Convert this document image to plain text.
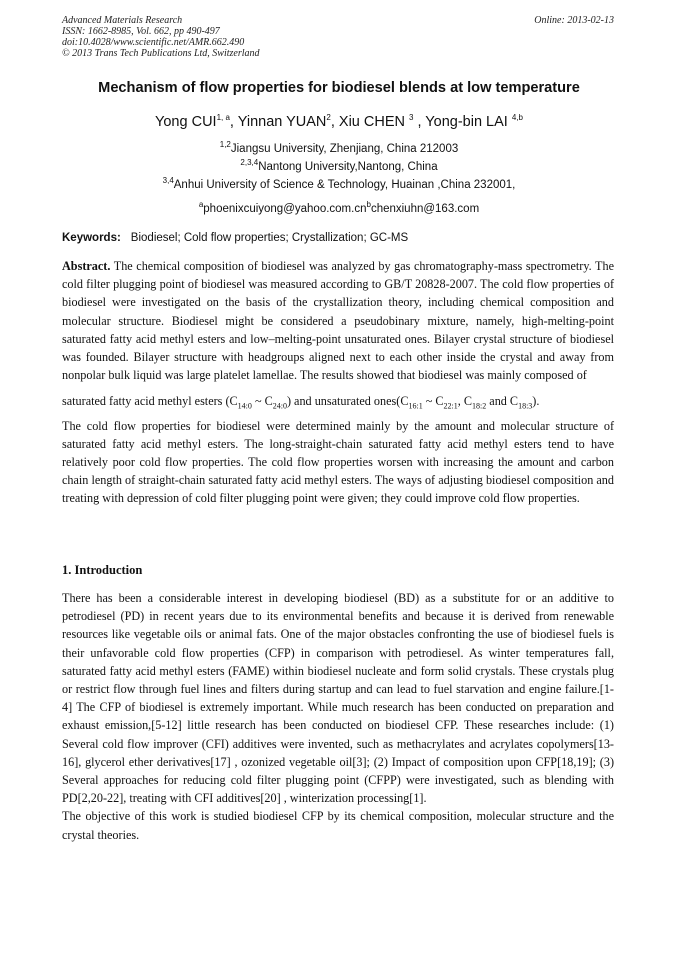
Advanced Materials Research
ISSN: 1662-8985, Vol. 662, pp 490-497
doi:10.4028/www.scientific.net/AMR.662.490
© 2013 Trans Tech Publications Ltd, Switzerland
Online: 2013-02-13
Mechanism of flow properties for biodiesel blends at low temperature
Yong CUI$^{1, a}$, Yinnan YUAN$^2$, Xiu CHEN $^3$ , Yong-bin LAI $^{4,b}$
$^{1,2}$Jiangsu University, Zhenjiang, China 212003
$^{2,3,4}$Nantong University,Nantong, China
$^{3,4}$Anhui University of Science & Technology, Huainan ,China 232001,
$^aphoenixcuiyong@yahoo.com.cn^bchenxiuhn@163.com$
Keywords: Biodiesel; Cold flow properties; Crystallization; GC-MS

Abstract. The chemical composition of biodiesel was analyzed by gas chromatography-mass spectrometry. The cold filter plugging point of biodiesel was measured according to GB/T 20828-2007. The cold flow properties of biodiesel were investigated on the basis of the crystallization theory, including chemical composition and molecular structure. Biodiesel might be considered a pseudobinary mixture, namely, high-melting-point saturated fatty acid methyl esters and low–melting-point unsaturated ones. Bilayer crystal structure of biodiesel was founded. Bilayer structure with headgroups aligned next to each other inside the crystal and away from nonpolar bulk liquid was large platelet lamellae. The results showed that biodiesel was mainly composed of

saturated fatty acid methyl esters ($C_{14:0}$ ~ $C_{24:0}$) and unsaturated $ones(C_{16:1}$ ~ $C_{22:1}$, $C_{18:2}$ and $C_{18:3}$).

The cold flow properties for biodiesel were determined mainly by the amount and molecular structure of saturated fatty acid methyl esters. The long-straight-chain saturated fatty acid methyl esters tend to have relatively poor cold flow properties. The cold flow properties worsen with increasing the amount and carbon chain length of straight-chain saturated fatty acid methyl esters. The ways of adjusting biodiesel composition and treating with depression of cold filter plugging point were given; they could improve cold flow properties.

1. Introduction

There has been a considerable interest in developing biodiesel (BD) as a substitute for or an additive to petrodiesel (PD) in recent years due to its environmental benefits and because it is derived from renewable resources like vegetable oils or animal fats. One of the major obstacles confronting the use of biodiesel fuels is their unfavorable cold flow properties (CFP) in comparison with petrodiesel. As winter temperatures fall, saturated fatty acid methyl esters (FAME) within biodiesel nucleate and form solid crystals. These crystals plug or restrict flow through fuel lines and filters during startup and can lead to fuel starvation and engine failure.[1-4] The CFP of biodiesel is extremely important. While much research has been conducted on preparation and exhaust emission,[5-12] little research has been conducted on biodiesel CFP. These researches include: (1) Several cold flow improver (CFI) additives were invented, such as methacrylates and acrylates copolymers[13-16], glycerol ether derivatives[17] , ozonized vegetable oil[3]; (2) Impact of composition upon CFP[18,19]; (3) Several approaches for reducing cold filter plugging point (CFPP) were investigated, such as blending with PD[2,20-22], treating with CFI additives[20] , winterization processing[1].

The objective of this work is studied biodiesel CFP by its chemical composition, molecular structure and the crystal theories.
